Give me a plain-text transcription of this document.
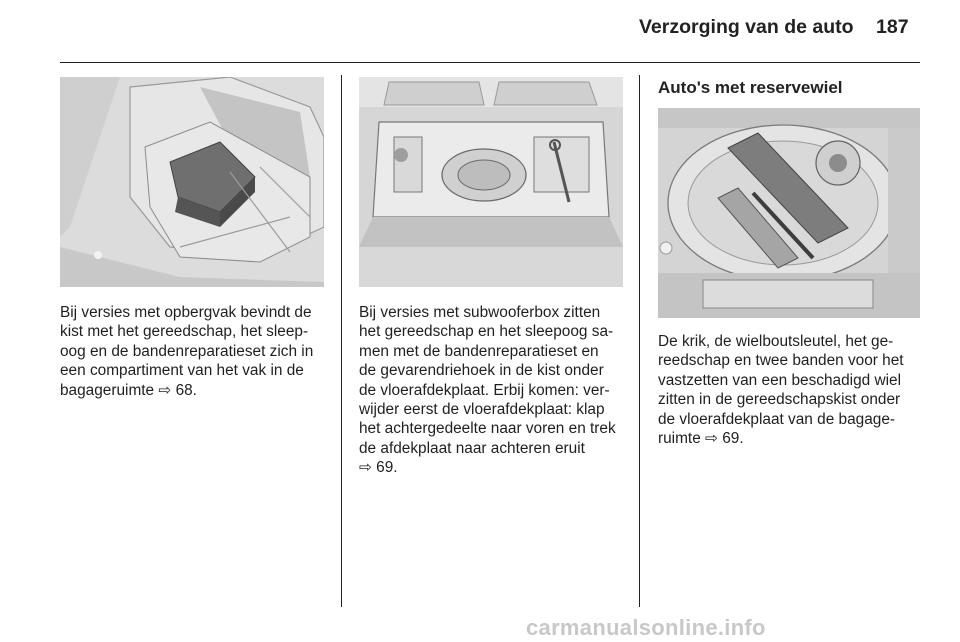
Verzorging van de auto 187
Bij versies met opbergvak bevindt de
kist met het gereedschap, het sleep-
oog en de bandenreparatieset zich in
een compartiment van het vak in de
bagageruimte ⇨ 68.
Bij versies met subwooferbox zitten
het gereedschap en het sleepoog sa-
men met de bandenreparatieset en
de gevarendriehoek in de kist onder
de vloerafdekplaat. Erbij komen: ver-
wijder eerst de vloerafdekplaat: klap
het achtergedeelte naar voren en trek
de afdekplaat naar achteren eruit
⇨ 69.
Auto's met reservewiel
De krik, de wielboutsleutel, het ge-
reedschap en twee banden voor het
vastzetten van een beschadigd wiel
zitten in de gereedschapskist onder
de vloerafdekplaat van de bagage-
ruimte ⇨ 69.
carmanualsonline.info
